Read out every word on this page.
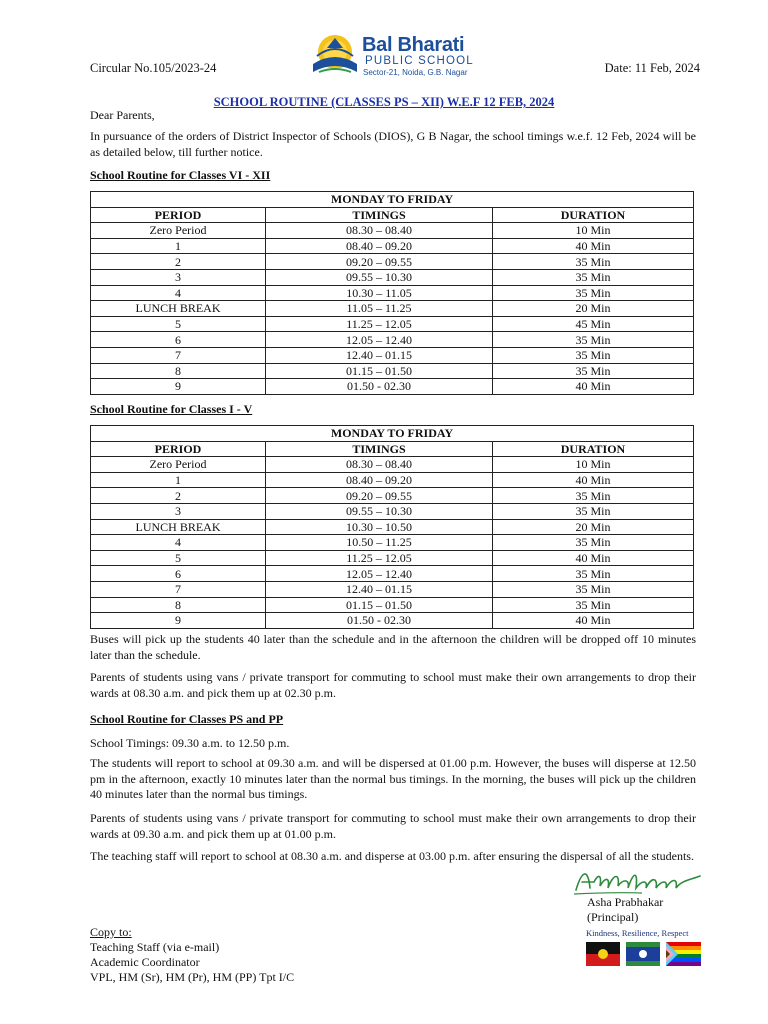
Circular No.105/2023-24	Date: 11 Feb, 2024
Bal Bharati
PUBLIC SCHOOL
Sector-21, Noida, G.B. Nagar
SCHOOL ROUTINE (CLASSES PS – XII) W.E.F 12 FEB, 2024
Dear Parents,
In pursuance of the orders of District Inspector of Schools (DIOS), G B Nagar, the school timings w.e.f. 12 Feb, 2024 will be as detailed below, till further notice.
School Routine for Classes VI - XII
MONDAY TO FRIDAY		
PERIOD	TIMINGS	DURATION
Zero Period	08.30 – 08.40	10 Min
1	08.40 – 09.20	40 Min
2	09.20 – 09.55	35 Min
3	09.55 – 10.30	35 Min
4	10.30 – 11.05	35 Min
LUNCH BREAK	11.05 – 11.25	20 Min
5	11.25 – 12.05	45 Min
6	12.05 – 12.40	35 Min
7	12.40 – 01.15	35 Min
8	01.15 – 01.50	35 Min
9	01.50 - 02.30	40 Min
School Routine for Classes I - V
MONDAY TO FRIDAY		
PERIOD	TIMINGS	DURATION
Zero Period	08.30 – 08.40	10 Min
1	08.40 – 09.20	40 Min
2	09.20 – 09.55	35 Min
3	09.55 – 10.30	35 Min
LUNCH BREAK	10.30 – 10.50	20 Min
4	10.50 – 11.25	35 Min
5	11.25 – 12.05	40 Min
6	12.05 – 12.40	35 Min
7	12.40 – 01.15	35 Min
8	01.15 – 01.50	35 Min
9	01.50 - 02.30	40 Min
Buses will pick up the students 40 later than the schedule and in the afternoon the children will be dropped off 10 minutes later than the schedule.
Parents of students using vans / private transport for commuting to school must make their own arrangements to drop their wards at 08.30 a.m. and pick them up at 02.30 p.m.
School Routine for Classes PS and PP
School Timings: 09.30 a.m. to 12.50 p.m.
The students will report to school at 09.30 a.m. and will be dispersed at 01.00 p.m. However, the buses will disperse at 12.50 pm in the afternoon, exactly 10 minutes later than the normal bus timings. In the morning, the buses will pick up the children 40 minutes later than the normal bus timings.
Parents of students using vans / private transport for commuting to school must make their own arrangements to drop their wards at 09.30 a.m. and pick them up at 01.00 p.m.
The teaching staff will report to school at 08.30 a.m. and disperse at 03.00 p.m. after ensuring the dispersal of all the students.
Asha Prabhakar
(Principal)
Kindness, Resilience, Respect
Copy to:
Teaching Staff (via e-mail)
Academic Coordinator
VPL, HM (Sr), HM (Pr), HM (PP) Tpt I/C
